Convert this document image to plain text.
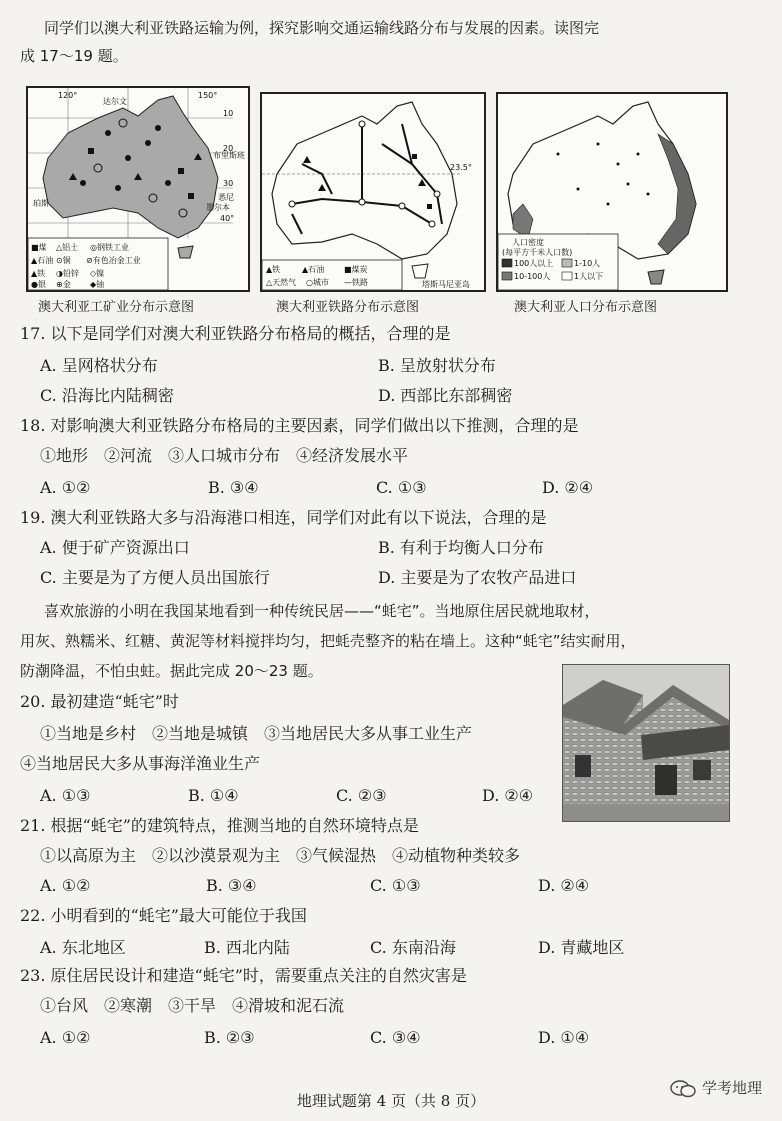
同学们以澳大利亚铁路运输为例，探究影响交通运输线路分布与发展的因素。读图完
成 17～19 题。
120°	150°
10
20
30
40°
达尔文
珀斯
布里斯班
悉尼
墨尔本
■煤 △铝土 ◎钢铁工业
▲石油 ⊙铜 ⊘有色冶金工业
▲铁 ◑铅锌 ◇镍
●银 ⊕金 ◆铀
澳大利亚工矿业分布示意图
23.5°
塔斯马尼亚岛
▲铁	▲石油 ■煤炭
△天然气 ○城市 —铁路
澳大利亚铁路分布示意图
人口密度
(每平方千米人口数)
100人以上	1-10人
10-100人	1人以下
澳大利亚人口分布示意图
17. 以下是同学们对澳大利亚铁路分布格局的概括，合理的是
A. 呈网格状分布	B. 呈放射状分布
C. 沿海比内陆稠密	D. 西部比东部稠密
18. 对影响澳大利亚铁路分布格局的主要因素，同学们做出以下推测，合理的是
①地形　②河流　③人口城市分布　④经济发展水平
A. ①②	B. ③④	C. ①③	D. ②④
19. 澳大利亚铁路大多与沿海港口相连，同学们对此有以下说法，合理的是
A. 便于矿产资源出口	B. 有利于均衡人口分布
C. 主要是为了方便人员出国旅行	D. 主要是为了农牧产品进口
喜欢旅游的小明在我国某地看到一种传统民居——“蚝宅”。当地原住居民就地取材，
用灰、熟糯米、红糖、黄泥等材料搅拌均匀，把蚝壳整齐的粘在墙上。这种“蚝宅”结实耐用，
防潮降温，不怕虫蛀。据此完成 20～23 题。
20. 最初建造“蚝宅”时
①当地是乡村　②当地是城镇　③当地居民大多从事工业生产
④当地居民大多从事海洋渔业生产
A. ①③	B. ①④	C. ②③	D. ②④
21. 根据“蚝宅”的建筑特点，推测当地的自然环境特点是
①以高原为主　②以沙漠景观为主　③气候湿热　④动植物种类较多
A. ①②	B. ③④	C. ①③	D. ②④
22. 小明看到的“蚝宅”最大可能位于我国
A. 东北地区	B. 西北内陆	C. 东南沿海	D. 青藏地区
23. 原住居民设计和建造“蚝宅”时，需要重点关注的自然灾害是
①台风　②寒潮　③干旱　④滑坡和泥石流
A. ①②	B. ②③	C. ③④	D. ①④
地理试题第 4 页（共 8 页）
学考地理
